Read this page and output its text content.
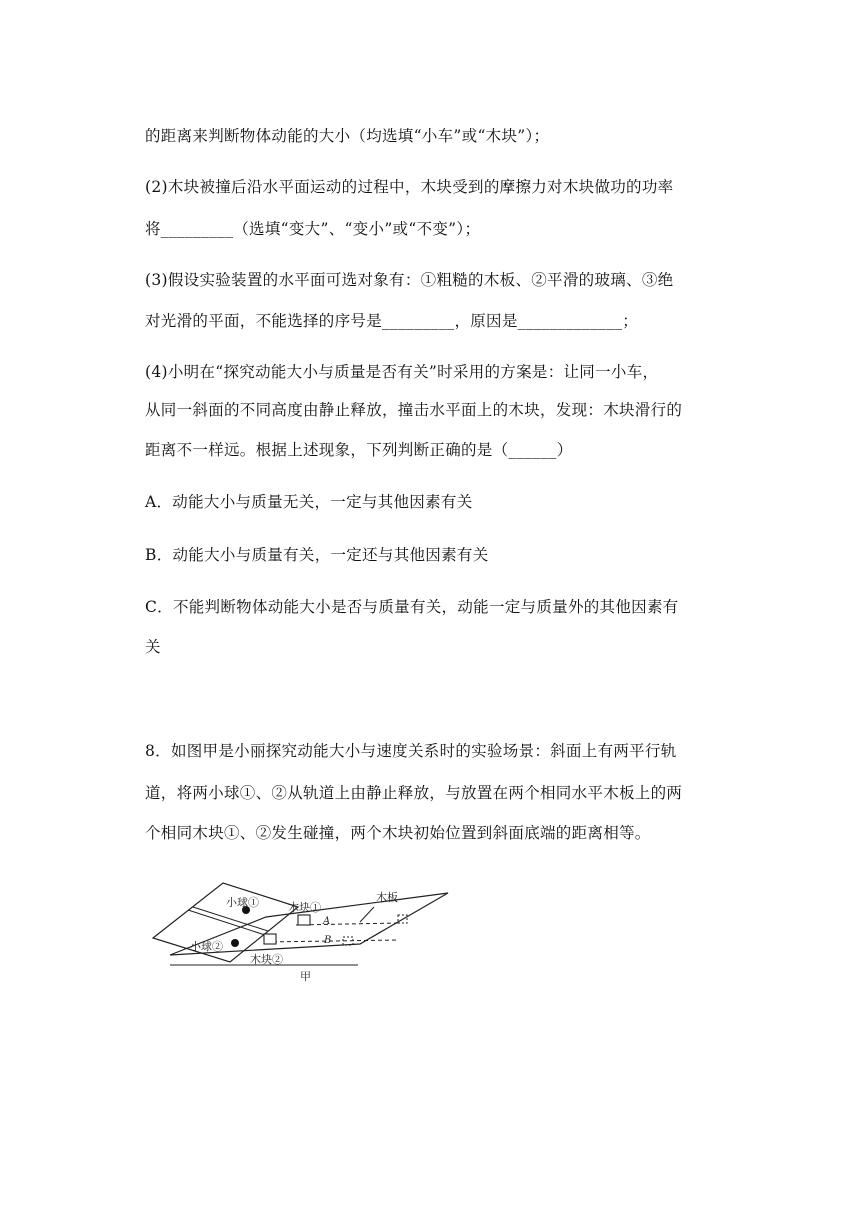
的距离来判断物体动能的大小（均选填“小车”或“木块”）；
(2)木块被撞后沿水平面运动的过程中，木块受到的摩擦力对木块做功的功率
将_________（选填“变大”、“变小”或“不变”）；
(3)假设实验装置的水平面可选对象有：①粗糙的木板、②平滑的玻璃、③绝
对光滑的平面，不能选择的序号是_________，原因是_____________；
(4)小明在“探究动能大小与质量是否有关”时采用的方案是：让同一小车，
从同一斜面的不同高度由静止释放，撞击水平面上的木块，发现：木块滑行的
距离不一样远。根据上述现象，下列判断正确的是（______）
A．动能大小与质量无关，一定与其他因素有关
B．动能大小与质量有关，一定还与其他因素有关
C．不能判断物体动能大小是否与质量有关，动能一定与质量外的其他因素有
关
8．如图甲是小丽探究动能大小与速度关系时的实验场景：斜面上有两平行轨
道，将两小球①、②从轨道上由静止释放，与放置在两个相同水平木板上的两
个相同木块①、②发生碰撞，两个木块初始位置到斜面底端的距离相等。
小球①
小球②
木块①
木块②
木板
A
B
甲
